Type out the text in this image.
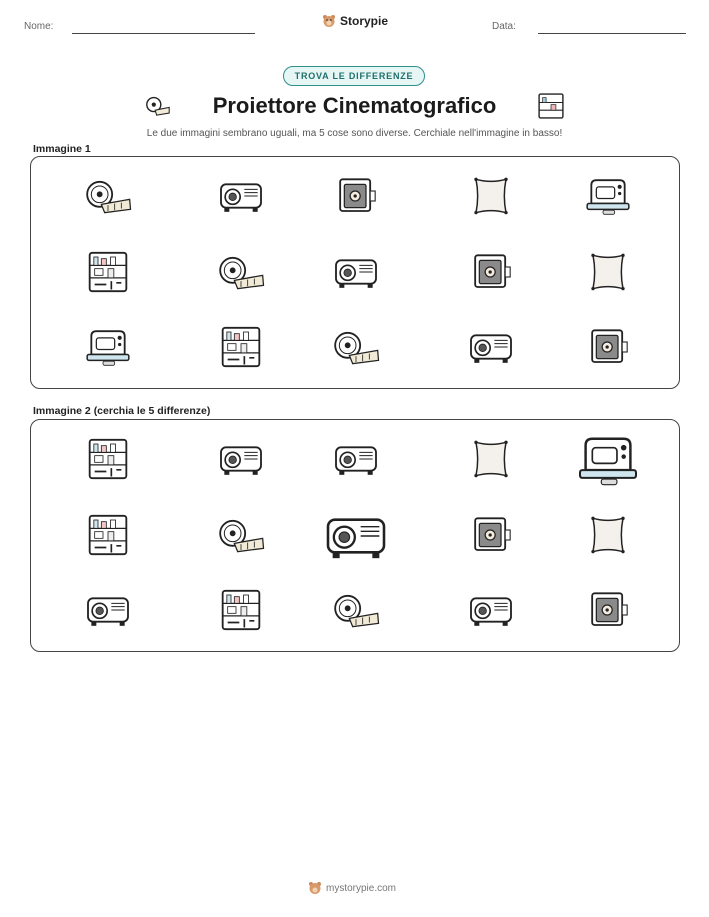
Nome:	Storypie	Data:
TROVA LE DIFFERENZE
Proiettore Cinematografico
Le due immagini sembrano uguali, ma 5 cose sono diverse. Cerchiale nell'immagine in basso!
Immagine 1
Immagine 2 (cerchia le 5 differenze)
mystorypie.com
